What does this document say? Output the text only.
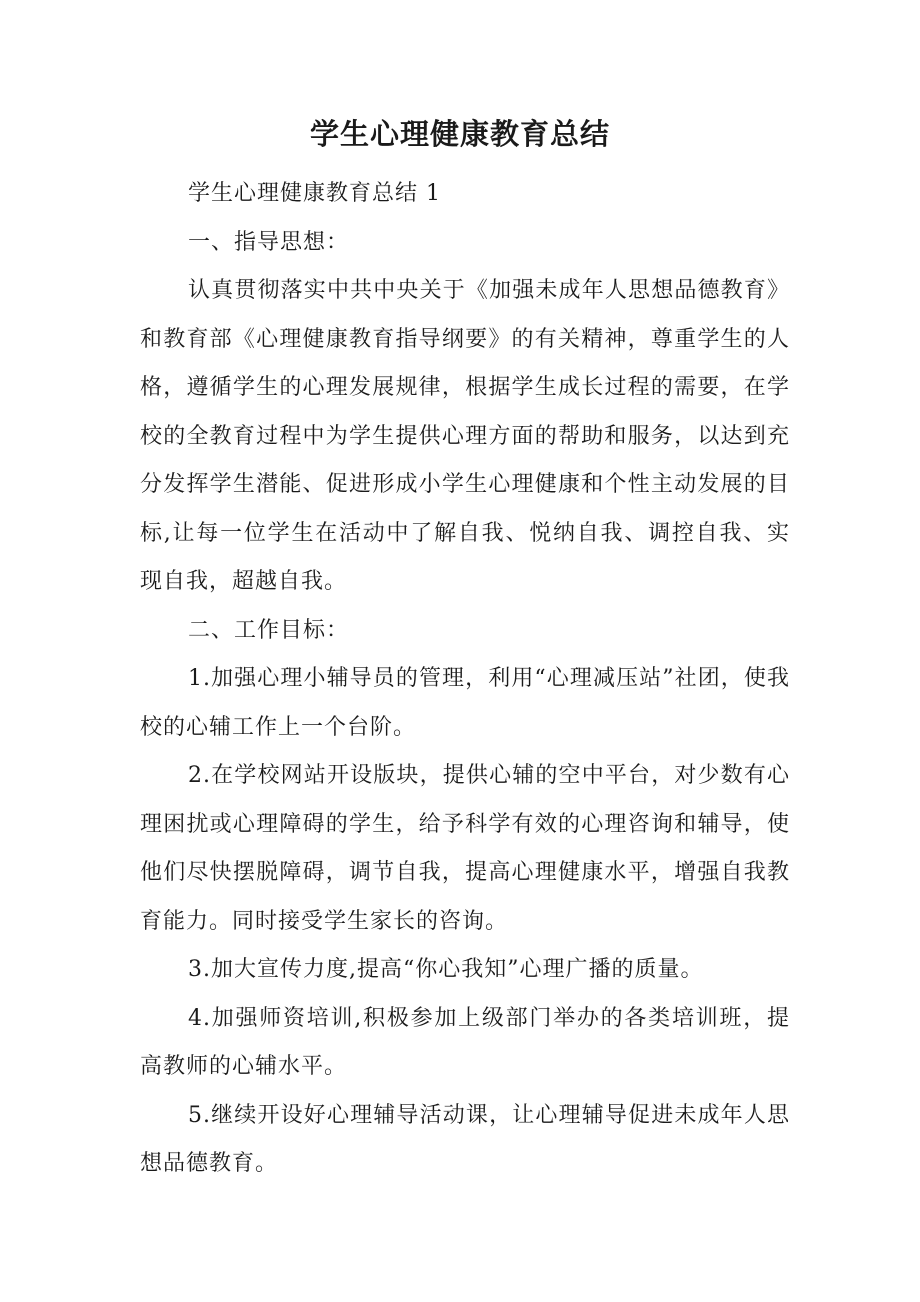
学生心理健康教育总结

学生心理健康教育总结 1

一、指导思想：

认真贯彻落实中共中央关于《加强未成年人思想品德教育》和教育部《心理健康教育指导纲要》的有关精神，尊重学生的人格，遵循学生的心理发展规律，根据学生成长过程的需要，在学校的全教育过程中为学生提供心理方面的帮助和服务，以达到充分发挥学生潜能、促进形成小学生心理健康和个性主动发展的目标,让每一位学生在活动中了解自我、悦纳自我、调控自我、实现自我，超越自我。

二、工作目标：

1.加强心理小辅导员的管理，利用“心理减压站”社团，使我校的心辅工作上一个台阶。

2.在学校网站开设版块，提供心辅的空中平台，对少数有心理困扰或心理障碍的学生，给予科学有效的心理咨询和辅导，使他们尽快摆脱障碍，调节自我，提高心理健康水平，增强自我教育能力。同时接受学生家长的咨询。

3.加大宣传力度,提高“你心我知”心理广播的质量。

4.加强师资培训,积极参加上级部门举办的各类培训班，提高教师的心辅水平。

5.继续开设好心理辅导活动课，让心理辅导促进未成年人思想品德教育。
